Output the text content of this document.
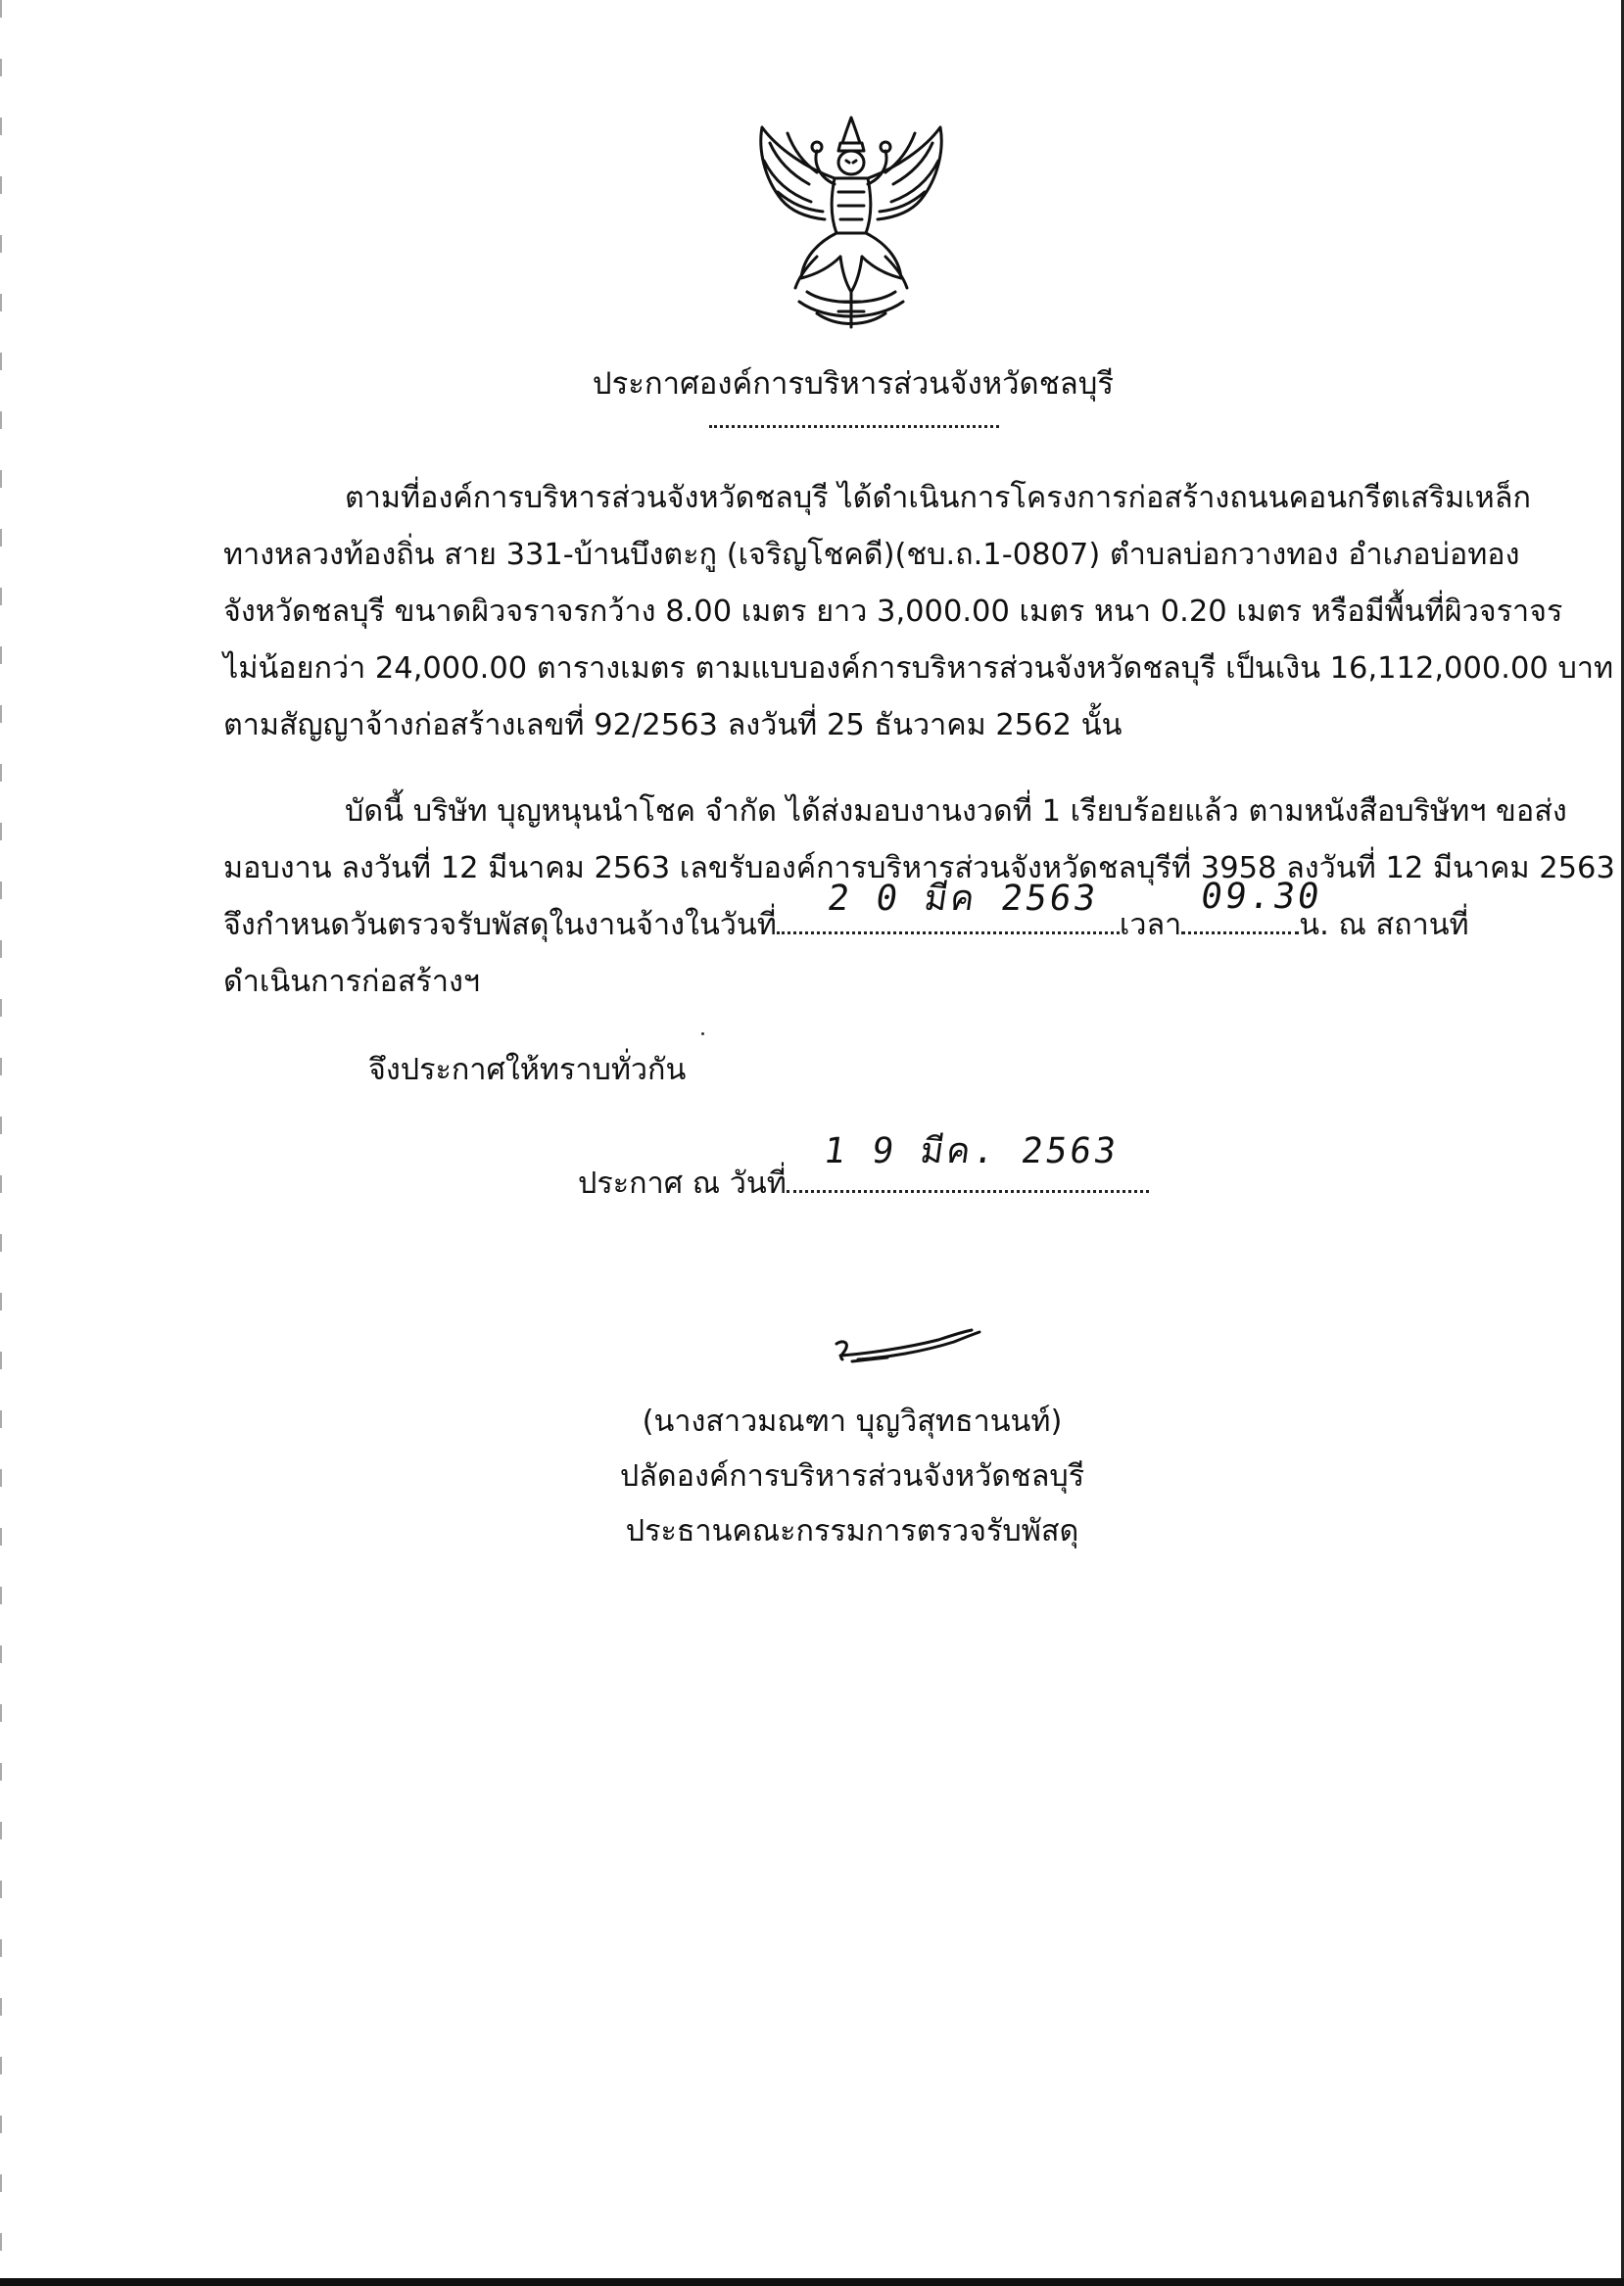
ประกาศองค์การบริหารส่วนจังหวัดชลบุรี
ตามที่องค์การบริหารส่วนจังหวัดชลบุรี ได้ดำเนินการโครงการก่อสร้างถนนคอนกรีตเสริมเหล็ก
ทางหลวงท้องถิ่น สาย 331-บ้านบึงตะกู (เจริญโชคดี)(ชบ.ถ.1-0807) ตำบลบ่อกวางทอง อำเภอบ่อทอง
จังหวัดชลบุรี ขนาดผิวจราจรกว้าง 8.00 เมตร ยาว 3,000.00 เมตร หนา 0.20 เมตร หรือมีพื้นที่ผิวจราจร
ไม่น้อยกว่า 24,000.00 ตารางเมตร ตามแบบองค์การบริหารส่วนจังหวัดชลบุรี เป็นเงิน 16,112,000.00 บาท
ตามสัญญาจ้างก่อสร้างเลขที่ 92/2563 ลงวันที่ 25 ธันวาคม 2562 นั้น
บัดนี้ บริษัท บุญหนุนนำโชค จำกัด ได้ส่งมอบงานงวดที่ 1 เรียบร้อยแล้ว ตามหนังสือบริษัทฯ ขอส่ง
มอบงาน ลงวันที่ 12 มีนาคม 2563 เลขรับองค์การบริหารส่วนจังหวัดชลบุรีที่ 3958 ลงวันที่ 12 มีนาคม 2563
จึงกำหนดวันตรวจรับพัสดุในงานจ้างในวันที่
2 0 มีค 2563
เวลา
09.30
น. ณ สถานที่
ดำเนินการก่อสร้างฯ
จึงประกาศให้ทราบทั่วกัน
ประกาศ ณ วันที่
1 9 มีค. 2563
(นางสาวมณฑา บุญวิสุทธานนท์)
ปลัดองค์การบริหารส่วนจังหวัดชลบุรี
ประธานคณะกรรมการตรวจรับพัสดุ
